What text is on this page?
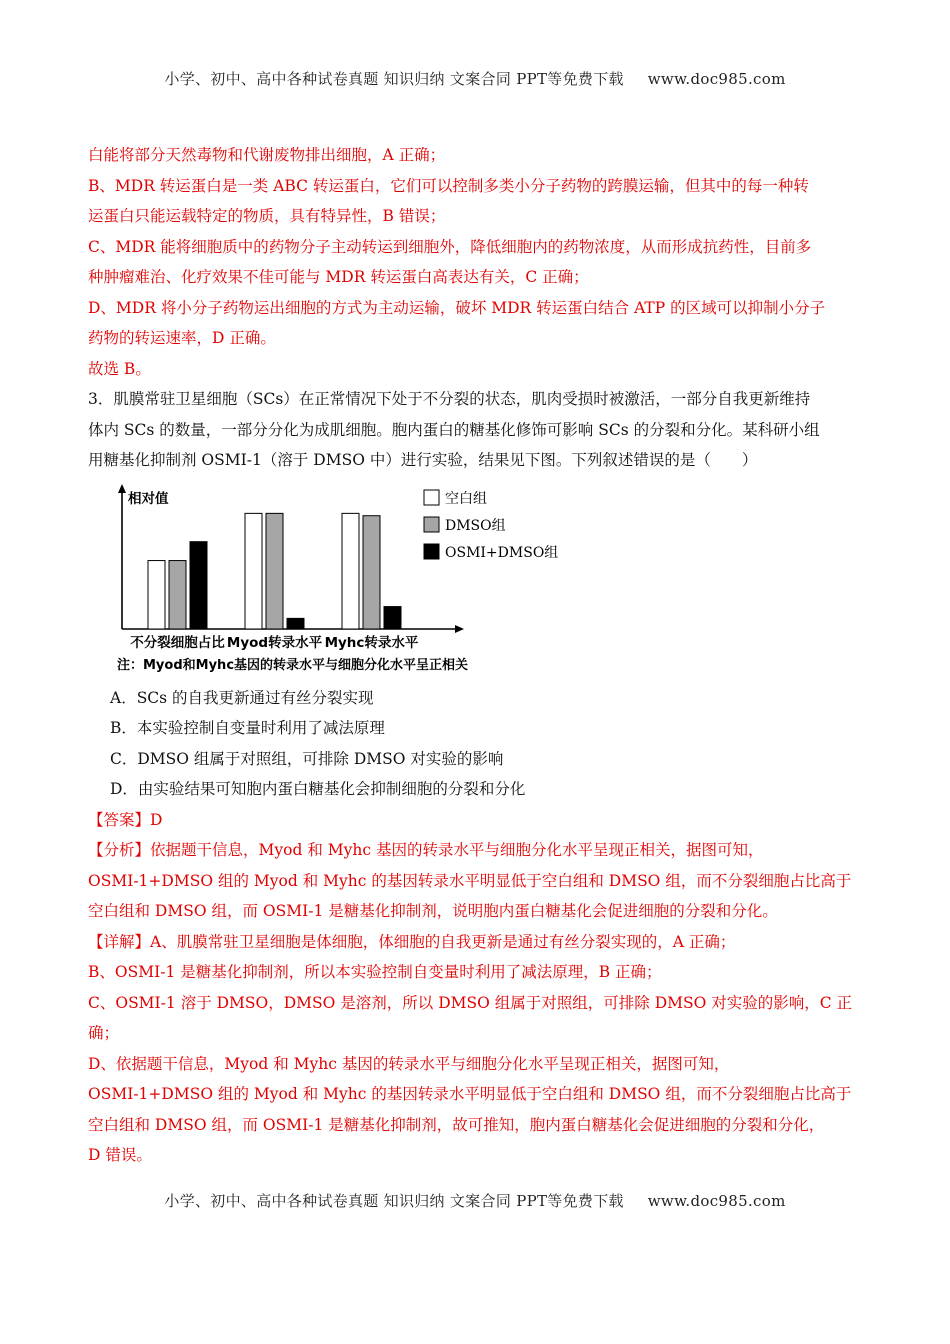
小学、初中、高中各种试卷真题 知识归纳 文案合同 PPT等免费下载 www.doc985.com
白能将部分天然毒物和代谢废物排出细胞，A 正确；
B、MDR 转运蛋白是一类 ABC 转运蛋白，它们可以控制多类小分子药物的跨膜运输，但其中的每一种转
运蛋白只能运载特定的物质，具有特异性，B 错误；
C、MDR 能将细胞质中的药物分子主动转运到细胞外，降低细胞内的药物浓度，从而形成抗药性，目前多
种肿瘤难治、化疗效果不佳可能与 MDR 转运蛋白高表达有关，C 正确；
D、MDR 将小分子药物运出细胞的方式为主动运输，破坏 MDR 转运蛋白结合 ATP 的区域可以抑制小分子
药物的转运速率，D 正确。
故选 B。
3．肌膜常驻卫星细胞（SCs）在正常情况下处于不分裂的状态，肌肉受损时被激活，一部分自我更新维持
体内 SCs 的数量，一部分分化为成肌细胞。胞内蛋白的糖基化修饰可影响 SCs 的分裂和分化。某科研小组
用糖基化抑制剂 OSMI-1（溶于 DMSO 中）进行实验，结果见下图。下列叙述错误的是（　　）
相对值
不分裂细胞占比 Myod转录水平 Myhc转录水平
空白组
DMSO组
OSMI+DMSO组
注：Myod和Myhc基因的转录水平与细胞分化水平呈正相关
A．SCs 的自我更新通过有丝分裂实现
B．本实验控制自变量时利用了减法原理
C．DMSO 组属于对照组，可排除 DMSO 对实验的影响
D．由实验结果可知胞内蛋白糖基化会抑制细胞的分裂和分化
【答案】D
【分析】依据题干信息，Myod 和 Myhc 基因的转录水平与细胞分化水平呈现正相关，据图可知，
OSMI-1+DMSO 组的 Myod 和 Myhc 的基因转录水平明显低于空白组和 DMSO 组，而不分裂细胞占比高于
空白组和 DMSO 组，而 OSMI-1 是糖基化抑制剂，说明胞内蛋白糖基化会促进细胞的分裂和分化。
【详解】A、肌膜常驻卫星细胞是体细胞，体细胞的自我更新是通过有丝分裂实现的，A 正确；
B、OSMI-1 是糖基化抑制剂，所以本实验控制自变量时利用了减法原理，B 正确；
C、OSMI-1 溶于 DMSO，DMSO 是溶剂，所以 DMSO 组属于对照组，可排除 DMSO 对实验的影响，C 正
确；
D、依据题干信息，Myod 和 Myhc 基因的转录水平与细胞分化水平呈现正相关，据图可知，
OSMI-1+DMSO 组的 Myod 和 Myhc 的基因转录水平明显低于空白组和 DMSO 组，而不分裂细胞占比高于
空白组和 DMSO 组，而 OSMI-1 是糖基化抑制剂，故可推知，胞内蛋白糖基化会促进细胞的分裂和分化，
D 错误。
小学、初中、高中各种试卷真题 知识归纳 文案合同 PPT等免费下载 www.doc985.com
